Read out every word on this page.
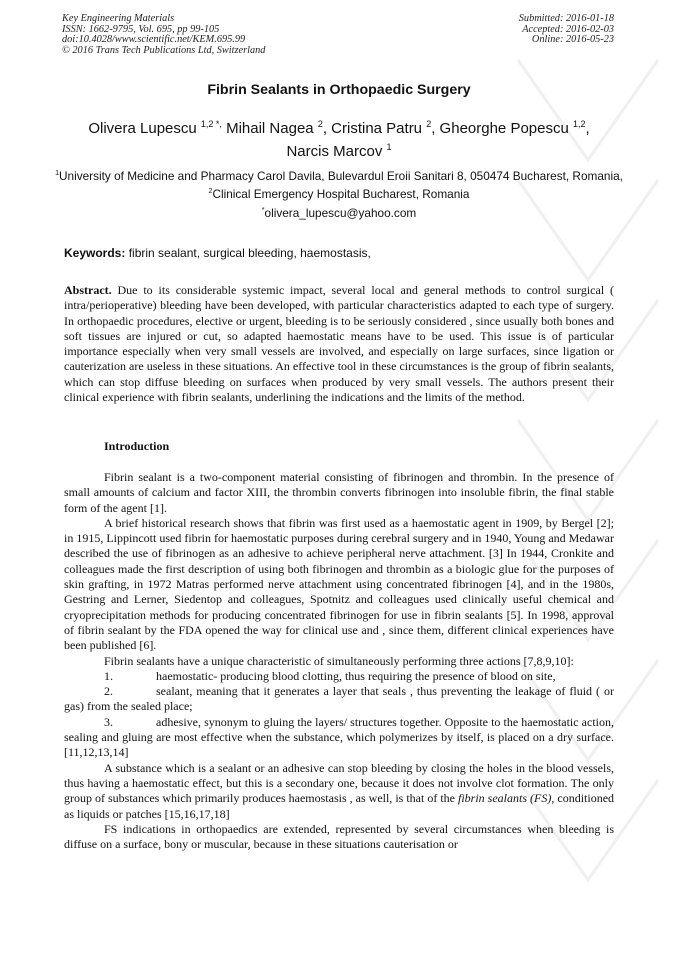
Key Engineering Materials
ISSN: 1662-9795, Vol. 695, pp 99-105
doi:10.4028/www.scientific.net/KEM.695.99
© 2016 Trans Tech Publications Ltd, Switzerland
Submitted: 2016-01-18
Accepted: 2016-02-03
Online: 2016-05-23
Fibrin Sealants in Orthopaedic Surgery
Olivera Lupescu $^{1,2 *,}$ Mihail Nagea $^2$, Cristina Patru $^2$, Gheorghe Popescu $^{1,2}$,
Narcis Marcov $^1$
$^1$University of Medicine and Pharmacy Carol Davila, Bulevardul Eroii Sanitari 8, 050474 Bucharest, Romania,
$^2$Clinical Emergency Hospital Bucharest, Romania
*olivera_lupescu@yahoo.com
Keywords: fibrin sealant, surgical bleeding, haemostasis,
Abstract. Due to its considerable systemic impact, several local and general methods to control surgical ( intra/perioperative) bleeding have been developed, with particular characteristics adapted to each type of surgery. In orthopaedic procedures, elective or urgent, bleeding is to be seriously considered , since usually both bones and soft tissues are injured or cut, so adapted haemostatic means have to be used. This issue is of particular importance especially when very small vessels are involved, and especially on large surfaces, since ligation or cauterization are useless in these situations. An effective tool in these circumstances is the group of fibrin sealants, which can stop diffuse bleeding on surfaces when produced by very small vessels. The authors present their clinical experience with fibrin sealants, underlining the indications and the limits of the method.
Introduction

Fibrin sealant is a two-component material consisting of fibrinogen and thrombin. In the presence of small amounts of calcium and factor XIII, the thrombin converts fibrinogen into insoluble fibrin, the final stable form of the agent [1].

A brief historical research shows that fibrin was first used as a haemostatic agent in 1909, by Bergel [2]; in 1915, Lippincott used fibrin for haemostatic purposes during cerebral surgery and in 1940, Young and Medawar described the use of fibrinogen as an adhesive to achieve peripheral nerve attachment. [3] In 1944, Cronkite and colleagues made the first description of using both fibrinogen and thrombin as a biologic glue for the purposes of skin grafting, in 1972 Matras performed nerve attachment using concentrated fibrinogen [4], and in the 1980s, Gestring and Lerner, Siedentop and colleagues, Spotnitz and colleagues used clinically useful chemical and cryoprecipitation methods for producing concentrated fibrinogen for use in fibrin sealants [5]. In 1998, approval of fibrin sealant by the FDA opened the way for clinical use and , since them, different clinical experiences have been published [6].

Fibrin sealants have a unique characteristic of simultaneously performing three actions [7,8,9,10]:

1.	haemostatic- producing blood clotting, thus requiring the presence of blood on site,

2.	sealant, meaning that it generates a layer that seals , thus preventing the leakage of fluid ( or gas) from the sealed place;

3.	adhesive, synonym to gluing the layers/ structures together. Opposite to the haemostatic action, sealing and gluing are most effective when the substance, which polymerizes by itself, is placed on a dry surface.[11,12,13,14]

A substance which is a sealant or an adhesive can stop bleeding by closing the holes in the blood vessels, thus having a haemostatic effect, but this is a secondary one, because it does not involve clot formation. The only group of substances which primarily produces haemostasis , as well, is that of the fibrin sealants (FS), conditioned as liquids or patches [15,16,17,18]

FS indications in orthopaedics are extended, represented by several circumstances when bleeding is diffuse on a surface, bony or muscular, because in these situations cauterisation or
